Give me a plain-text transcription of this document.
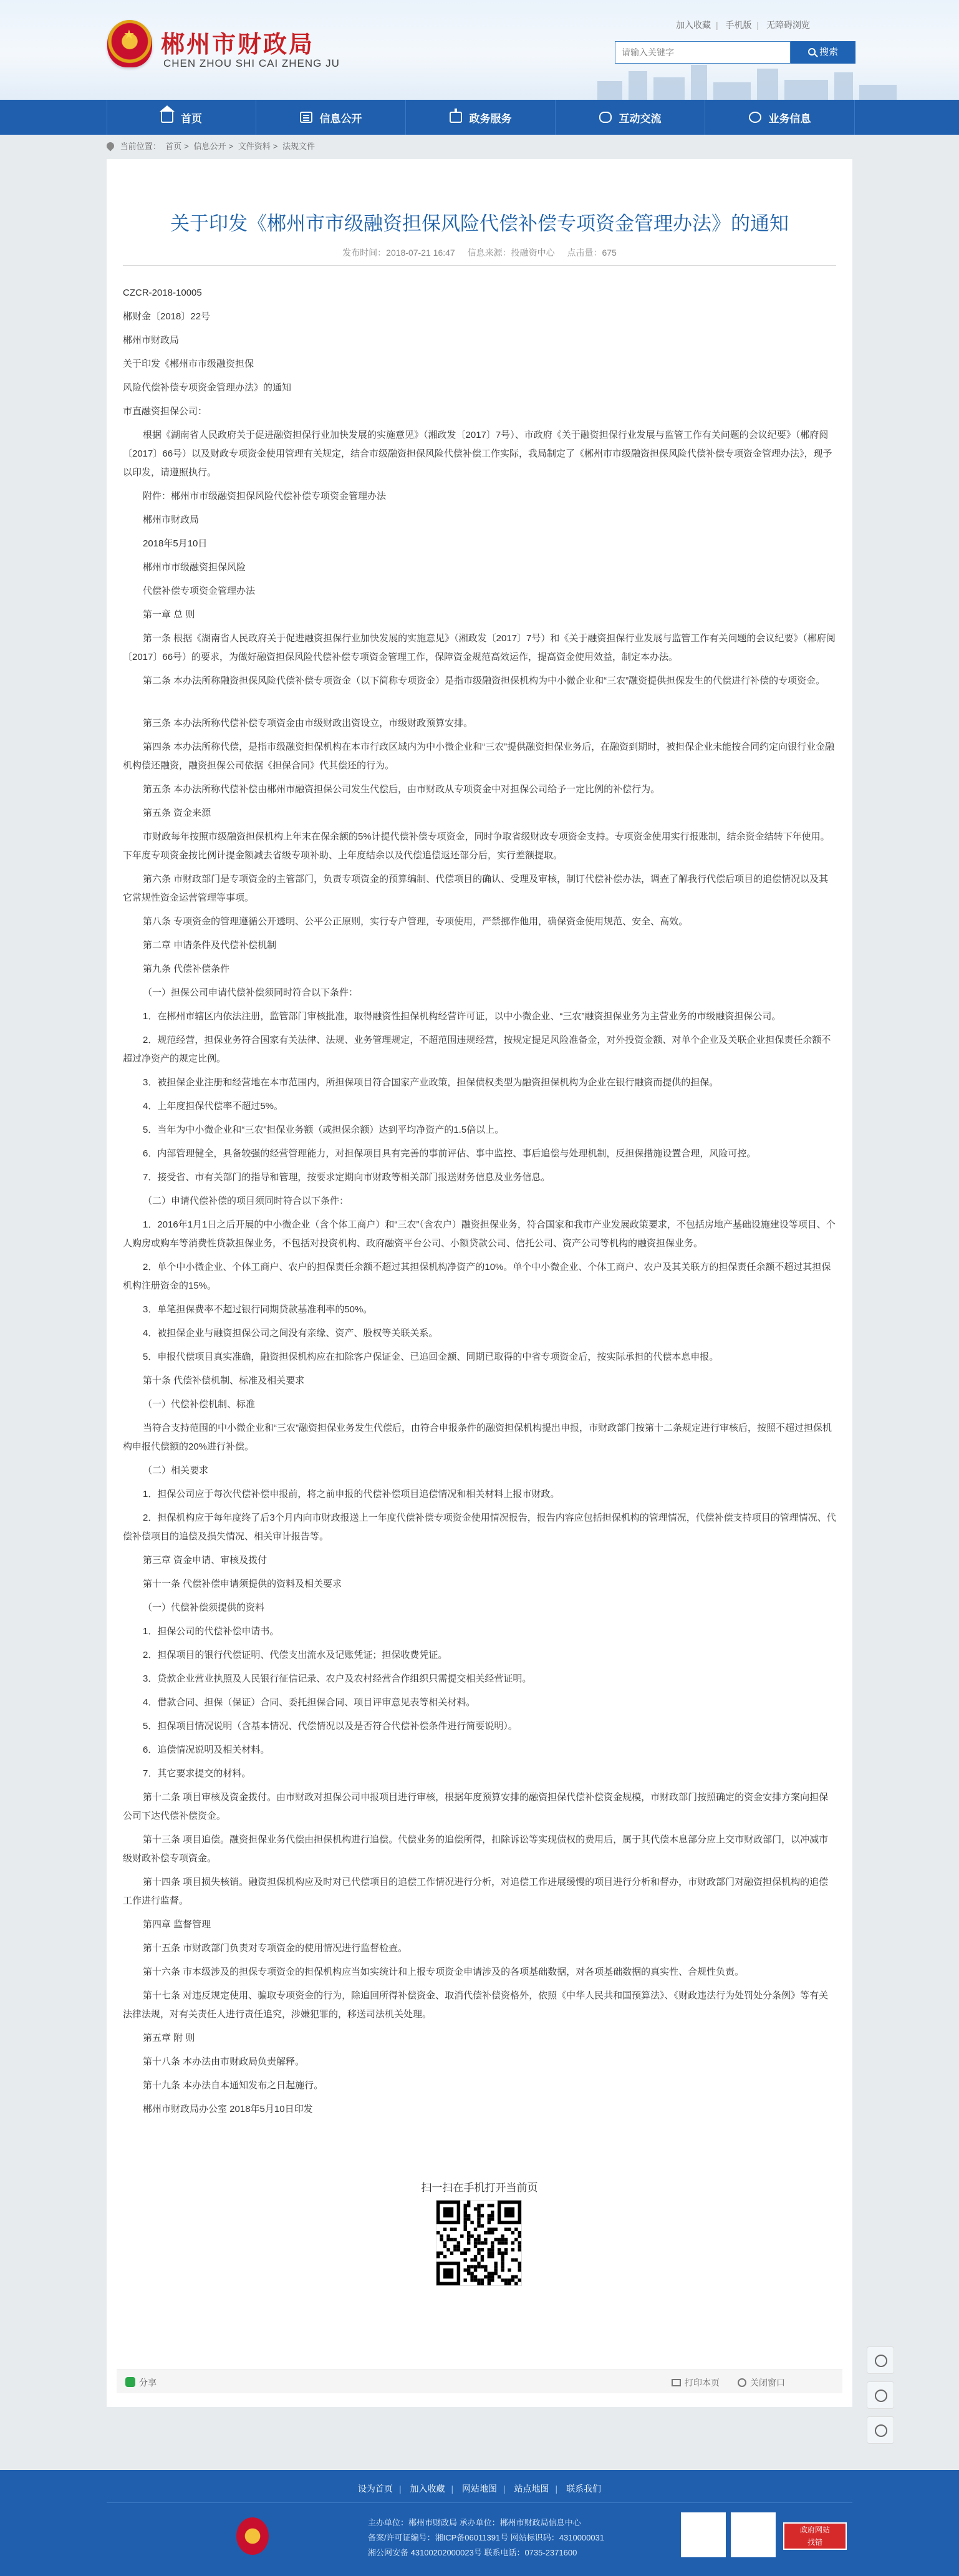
★ 郴州市财政局
CHEN ZHOU SHI CAI ZHENG JU
加入收藏 | 手机版 | 无障碍浏览
请输入关键字
搜索
首页	信息公开	政务服务	互动交流	业务信息
当前位置： 首页 > 信息公开 > 文件资料 > 法规文件
关于印发《郴州市市级融资担保风险代偿补偿专项资金管理办法》的通知
发布时间：2018-07-21 16:47 信息来源：投融资中心 点击量：675
CZCR-2018-10005
郴财金〔2018〕22号
郴州市财政局
关于印发《郴州市市级融资担保
风险代偿补偿专项资金管理办法》的通知
市直融资担保公司：
根据《湖南省人民政府关于促进融资担保行业加快发展的实施意见》（湘政发〔2017〕7号）、市政府《关于融资担保行业发展与监管工作有关问题的会议纪要》（郴府阅〔2017〕66号）以及财政专项资金使用管理有关规定，结合市级融资担保风险代偿补偿工作实际，我局制定了《郴州市市级融资担保风险代偿补偿专项资金管理办法》，现予以印发，请遵照执行。
附件：郴州市市级融资担保风险代偿补偿专项资金管理办法
郴州市财政局
2018年5月10日
郴州市市级融资担保风险
代偿补偿专项资金管理办法
第一章 总 则
第一条 根据《湖南省人民政府关于促进融资担保行业加快发展的实施意见》（湘政发〔2017〕7号）和《关于融资担保行业发展与监管工作有关问题的会议纪要》（郴府阅〔2017〕66号）的要求，为做好融资担保风险代偿补偿专项资金管理工作，保障资金规范高效运作，提高资金使用效益，制定本办法。
第二条 本办法所称融资担保风险代偿补偿专项资金（以下简称专项资金）是指市级融资担保机构为中小微企业和“三农”融资提供担保发生的代偿进行补偿的专项资金。
第三条 本办法所称代偿补偿专项资金由市级财政出资设立，市级财政预算安排。
第四条 本办法所称代偿，是指市级融资担保机构在本市行政区域内为中小微企业和“三农”提供融资担保业务后，在融资到期时，被担保企业未能按合同约定向银行业金融机构偿还融资，融资担保公司依据《担保合同》代其偿还的行为。
第五条 本办法所称代偿补偿由郴州市融资担保公司发生代偿后，由市财政从专项资金中对担保公司给予一定比例的补偿行为。
第五条 资金来源
市财政每年按照市级融资担保机构上年末在保余额的5%计提代偿补偿专项资金，同时争取省级财政专项资金支持。专项资金使用实行报账制，结余资金结转下年使用。下年度专项资金按比例计提金额减去省级专项补助、上年度结余以及代偿追偿返还部分后，实行差额提取。
第六条 市财政部门是专项资金的主管部门，负责专项资金的预算编制、代偿项目的确认、受理及审核，制订代偿补偿办法，调查了解我行代偿后项目的追偿情况以及其它常规性资金运营管理等事项。
第八条 专项资金的管理遵循公开透明、公平公正原则，实行专户管理，专项使用，严禁挪作他用，确保资金使用规范、安全、高效。
第二章 申请条件及代偿补偿机制
第九条 代偿补偿条件
（一）担保公司申请代偿补偿须同时符合以下条件：
1．在郴州市辖区内依法注册，监管部门审核批准，取得融资性担保机构经营许可证，以中小微企业、“三农”融资担保业务为主营业务的市级融资担保公司。
2．规范经营，担保业务符合国家有关法律、法规、业务管理规定，不超范围违规经营，按规定提足风险准备金，对外投资金额、对单个企业及关联企业担保责任余额不超过净资产的规定比例。
3．被担保企业注册和经营地在本市范围内，所担保项目符合国家产业政策，担保债权类型为融资担保机构为企业在银行融资而提供的担保。
4．上年度担保代偿率不超过5%。
5．当年为中小微企业和“三农”担保业务额（或担保余额）达到平均净资产的1.5倍以上。
6．内部管理健全，具备较强的经营管理能力，对担保项目具有完善的事前评估、事中监控、事后追偿与处理机制，反担保措施设置合理，风险可控。
7．接受省、市有关部门的指导和管理，按要求定期向市财政等相关部门报送财务信息及业务信息。
（二）申请代偿补偿的项目须同时符合以下条件：
1．2016年1月1日之后开展的中小微企业（含个体工商户）和“三农”（含农户）融资担保业务，符合国家和我市产业发展政策要求，不包括房地产基础设施建设等项目、个人购房或购车等消费性贷款担保业务，不包括对投资机构、政府融资平台公司、小额贷款公司、信托公司、资产公司等机构的融资担保业务。
2．单个中小微企业、个体工商户、农户的担保责任余额不超过其担保机构净资产的10%。单个中小微企业、个体工商户、农户及其关联方的担保责任余额不超过其担保机构注册资金的15%。
3．单笔担保费率不超过银行同期贷款基准利率的50%。
4．被担保企业与融资担保公司之间没有亲缘、资产、股权等关联关系。
5．申报代偿项目真实准确，融资担保机构应在扣除客户保证金、已追回金额、同期已取得的中省专项资金后，按实际承担的代偿本息申报。
第十条 代偿补偿机制、标准及相关要求
（一）代偿补偿机制、标准
当符合支持范围的中小微企业和“三农”融资担保业务发生代偿后，由符合申报条件的融资担保机构提出申报，市财政部门按第十二条规定进行审核后，按照不超过担保机构申报代偿额的20%进行补偿。
（二）相关要求
1．担保公司应于每次代偿补偿申报前，将之前申报的代偿补偿项目追偿情况和相关材料上报市财政。
2．担保机构应于每年度终了后3个月内向市财政报送上一年度代偿补偿专项资金使用情况报告，报告内容应包括担保机构的管理情况，代偿补偿支持项目的管理情况、代偿补偿项目的追偿及损失情况、相关审计报告等。
第三章 资金申请、审核及拨付
第十一条 代偿补偿申请须提供的资料及相关要求
（一）代偿补偿须提供的资料
1．担保公司的代偿补偿申请书。
2．担保项目的银行代偿证明、代偿支出流水及记账凭证；担保收费凭证。
3．贷款企业营业执照及人民银行征信记录、农户及农村经营合作组织只需提交相关经营证明。
4．借款合同、担保（保证）合同、委托担保合同、项目评审意见表等相关材料。
5．担保项目情况说明（含基本情况、代偿情况以及是否符合代偿补偿条件进行简要说明）。
6．追偿情况说明及相关材料。
7．其它要求提交的材料。
第十二条 项目审核及资金拨付。由市财政对担保公司申报项目进行审核，根据年度预算安排的融资担保代偿补偿资金规模，市财政部门按照确定的资金安排方案向担保公司下达代偿补偿资金。
第十三条 项目追偿。融资担保业务代偿由担保机构进行追偿。代偿业务的追偿所得，扣除诉讼等实现债权的费用后，属于其代偿本息部分应上交市财政部门，以冲减市级财政补偿专项资金。
第十四条 项目损失核销。融资担保机构应及时对已代偿项目的追偿工作情况进行分析，对追偿工作进展缓慢的项目进行分析和督办，市财政部门对融资担保机构的追偿工作进行监督。
第四章 监督管理
第十五条 市财政部门负责对专项资金的使用情况进行监督检查。
第十六条 市本级涉及的担保专项资金的担保机构应当如实统计和上报专项资金申请涉及的各项基础数据，对各项基础数据的真实性、合规性负责。
第十七条 对违反规定使用、骗取专项资金的行为，除追回所得补偿资金、取消代偿补偿资格外，依照《中华人民共和国预算法》、《财政违法行为处罚处分条例》等有关法律法规，对有关责任人进行责任追究，涉嫌犯罪的，移送司法机关处理。
第五章 附 则
第十八条 本办法由市财政局负责解释。
第十九条 本办法自本通知发布之日起施行。
郴州市财政局办公室 2018年5月10日印发
扫一扫在手机打开当前页
分享	打印本页	关闭窗口
设为首页 | 加入收藏 | 网站地图 | 站点地图 | 联系我们
主办单位：郴州市财政局 承办单位：郴州市财政局信息中心
备案/许可证编号：湘ICP备06011391号 网站标识码：4310000031
湘公网安备 43100202000023号 联系电话：0735-2371600
政府网站
找错
